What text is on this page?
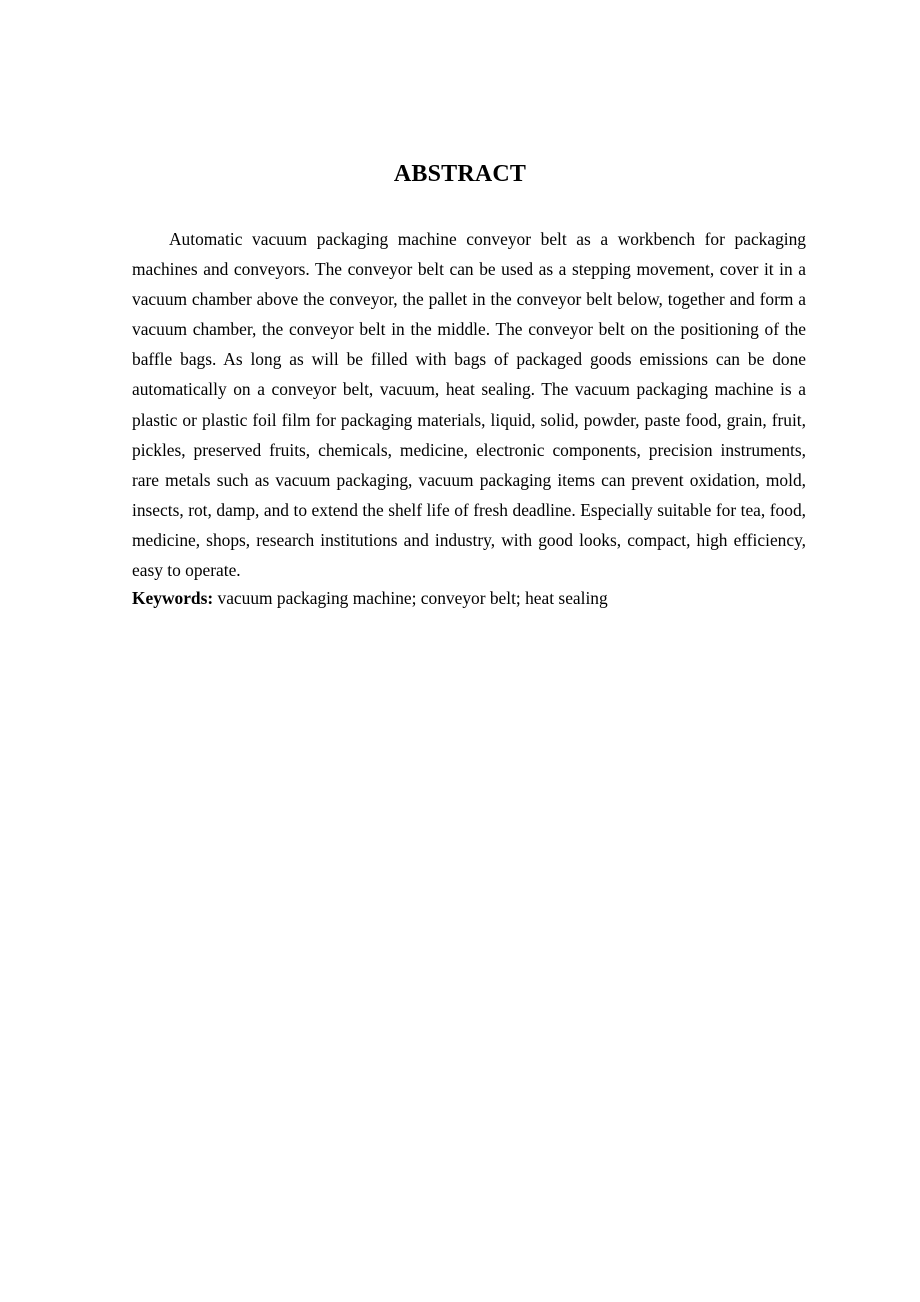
ABSTRACT

Automatic vacuum packaging machine conveyor belt as a workbench for packaging machines and conveyors. The conveyor belt can be used as a stepping movement, cover it in a vacuum chamber above the conveyor, the pallet in the conveyor belt below, together and form a vacuum chamber, the conveyor belt in the middle. The conveyor belt on the positioning of the baffle bags. As long as will be filled with bags of packaged goods emissions can be done automatically on a conveyor belt, vacuum, heat sealing. The vacuum packaging machine is a plastic or plastic foil film for packaging materials, liquid, solid, powder, paste food, grain, fruit, pickles, preserved fruits, chemicals, medicine, electronic components, precision instruments, rare metals such as vacuum packaging, vacuum packaging items can prevent oxidation, mold, insects, rot, damp, and to extend the shelf life of fresh deadline. Especially suitable for tea, food, medicine, shops, research institutions and industry, with good looks, compact, high efficiency, easy to operate.

Keywords: vacuum packaging machine; conveyor belt; heat sealing
